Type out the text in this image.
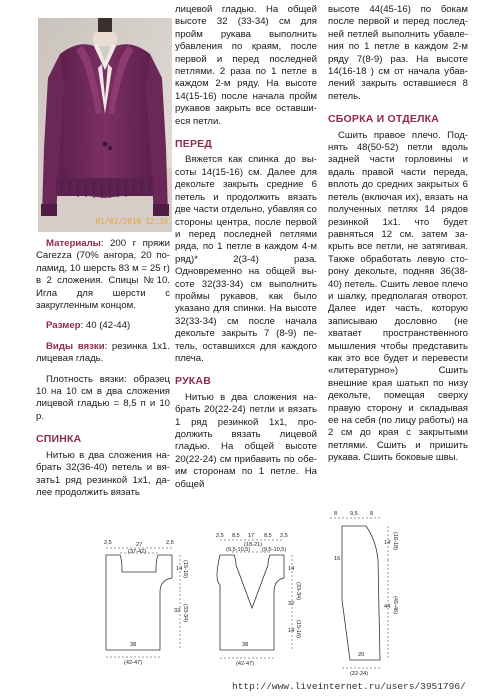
01/02/2010 12:39

Материалы: 200 г пряжи Carezza (70% ангора, 20 поламид, 10 шерсть 83 м = 25 г) в 2 сложения. Спицы №10. Игла для шерсти с закругленным концом.

Размер: 40 (42-44)

Виды вязки: резинка 1х1. лицевая гладь.

Плотность вязки: образец 10 на 10 см в два сложения лицевой гладью = 8,5 п и 10 р.

СПИНКА

Нитью в два сложения набрать 32(36-40) петель и вязать1 ряд резинкой 1х1, далее продолжить вязать

лицевой гладью. На общей высоте 32 (33-34) см для пройм рукава выполнить убавления по краям, после первой и перед последней петлями. 2 раза по 1 петле в каждом 2-м ряду. На высоте 14(15-16) после начала пройм рукавов закрыть все оставшиеся петли.

ПЕРЕД

Вяжется как спинка до высоты 14(15-16) см. Далее для декольте закрыть средние 6 петель и продолжить вязать две части отдельно, убавляя со стороны центра, после первой и перед последней петлями ряда, по 1 петле в каждом 4-м ряд)* 2(3-4) раза. Одновременно на общей высоте 32(33-34) см выполнить проймы рукавов, как было указано для спинки. На высоте 32(33-34) см после начала декольте закрыть 7 (8-9) петель, оставшихся для каждого плеча.

РУКАВ

Нитью в два сложения набрать 20(22-24) петли и вязать 1 ряд резинкой 1х1, продолжить вязать лицевой гладью. На общей высоте 20(22-24) см прибавить по обеим сторонам по 1 петле. На общей

высоте 44(45-16) по бокам после первой и перед последней петлей выполнить убавления по 1 петле в каждом 2-м ряду 7(8-9) раз. На высоте 14(16-18 ) см от начала убавлений закрыть оставшиеся 8 петель.

СБОРКА И ОТДЕЛКА

Сшить правое плечо. Поднять 48(50-52) петли вдоль задней части горловины и вдаль правой части переда, вплоть до средних закрытых 6 петель (включая их), вязать на полученных петлях 14 рядов резинкой 1х1. что будет равняться 12 см. затем закрыть все петли, не затягивая. Также обработать левую сторону декольте, подняв 36(38-40) петель. Сшить левое плечо и шалку, предполагая отворот. Далее идет часть, которую записываю дословно (не хватает пространственного мышления чтобы представить как это все будет и перевести «литературно») Сшить внешние края шатькп по низу декольте, помещая сверху правую сторону и складывая ее на себя (по лицу работы) на 2 см до края с закрытыми петлями. Сшить и пришить рукава. Сшить боковые швы.

2,5	2,5
27
(37-42)
14 (15-16)
32 (33-34)
38
(42-47)
2,5 8,5 17 8,5 2,5
(9,5-10,5)
(18-21)
(9,5-10,5)
14
32
(33-34)
14 (15-16)
38
(42-47)
8 9,5 8
14 (16-18)
44 (45-46)
16
20
(22-24)
http://www.liveinternet.ru/users/3951796/
